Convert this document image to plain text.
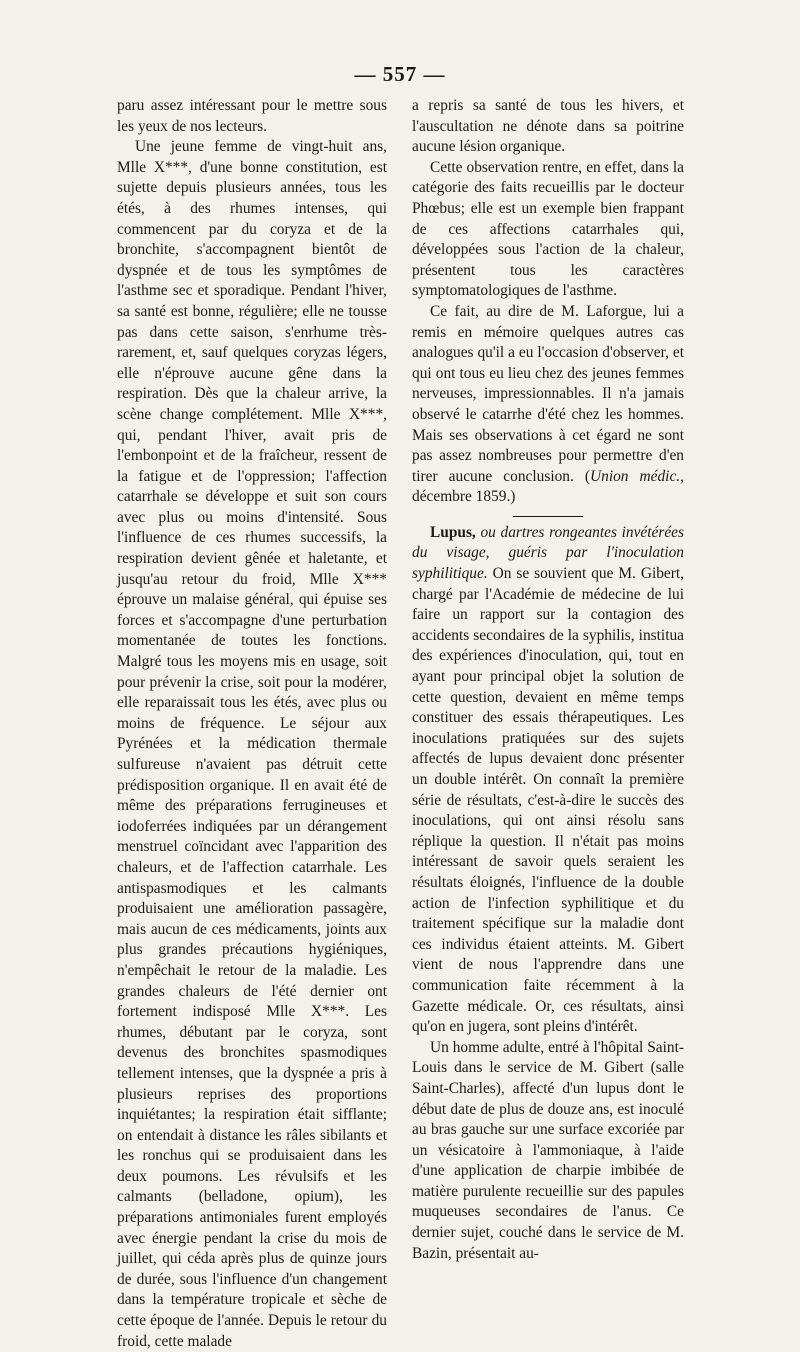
— 557 —

paru assez intéressant pour le mettre sous les yeux de nos lecteurs.

Une jeune femme de vingt-huit ans, Mlle X***, d'une bonne constitution, est sujette depuis plusieurs années, tous les étés, à des rhumes intenses, qui commencent par du coryza et de la bronchite, s'accompagnent bientôt de dyspnée et de tous les symptômes de l'asthme sec et sporadique. Pendant l'hiver, sa santé est bonne, régulière; elle ne tousse pas dans cette saison, s'enrhume très-rarement, et, sauf quelques coryzas légers, elle n'éprouve aucune gêne dans la respiration. Dès que la chaleur arrive, la scène change complétement. Mlle X***, qui, pendant l'hiver, avait pris de l'embonpoint et de la fraîcheur, ressent de la fatigue et de l'oppression; l'affection catarrhale se développe et suit son cours avec plus ou moins d'intensité. Sous l'influence de ces rhumes successifs, la respiration devient gênée et haletante, et jusqu'au retour du froid, Mlle X*** éprouve un malaise général, qui épuise ses forces et s'accompagne d'une perturbation momentanée de toutes les fonctions. Malgré tous les moyens mis en usage, soit pour prévenir la crise, soit pour la modérer, elle reparaissait tous les étés, avec plus ou moins de fréquence. Le séjour aux Pyrénées et la médication thermale sulfureuse n'avaient pas détruit cette prédisposition organique. Il en avait été de même des préparations ferrugineuses et iodoferrées indiquées par un dérangement menstruel coïncidant avec l'apparition des chaleurs, et de l'affection catarrhale. Les antispasmodiques et les calmants produisaient une amélioration passagère, mais aucun de ces médicaments, joints aux plus grandes précautions hygiéniques, n'empêchait le retour de la maladie. Les grandes chaleurs de l'été dernier ont fortement indisposé Mlle X***. Les rhumes, débutant par le coryza, sont devenus des bronchites spasmodiques tellement intenses, que la dyspnée a pris à plusieurs reprises des proportions inquiétantes; la respiration était sifflante; on entendait à distance les râles sibilants et les ronchus qui se produisaient dans les deux poumons. Les révulsifs et les calmants (belladone, opium), les préparations antimoniales furent employés avec énergie pendant la crise du mois de juillet, qui céda après plus de quinze jours de durée, sous l'influence d'un changement dans la température tropicale et sèche de cette époque de l'année. Depuis le retour du froid, cette malade

a repris sa santé de tous les hivers, et l'auscultation ne dénote dans sa poitrine aucune lésion organique.

Cette observation rentre, en effet, dans la catégorie des faits recueillis par le docteur Phœbus; elle est un exemple bien frappant de ces affections catarrhales qui, développées sous l'action de la chaleur, présentent tous les caractères symptomatologiques de l'asthme.

Ce fait, au dire de M. Laforgue, lui a remis en mémoire quelques autres cas analogues qu'il a eu l'occasion d'observer, et qui ont tous eu lieu chez des jeunes femmes nerveuses, impressionnables. Il n'a jamais observé le catarrhe d'été chez les hommes. Mais ses observations à cet égard ne sont pas assez nombreuses pour permettre d'en tirer aucune conclusion. (Union médic., décembre 1859.)

Lupus, ou dartres rongeantes invétérées du visage, guéris par l'inoculation syphilitique. On se souvient que M. Gibert, chargé par l'Académie de médecine de lui faire un rapport sur la contagion des accidents secondaires de la syphilis, institua des expériences d'inoculation, qui, tout en ayant pour principal objet la solution de cette question, devaient en même temps constituer des essais thérapeutiques. Les inoculations pratiquées sur des sujets affectés de lupus devaient donc présenter un double intérêt. On connaît la première série de résultats, c'est-à-dire le succès des inoculations, qui ont ainsi résolu sans réplique la question. Il n'était pas moins intéressant de savoir quels seraient les résultats éloignés, l'influence de la double action de l'infection syphilitique et du traitement spécifique sur la maladie dont ces individus étaient atteints. M. Gibert vient de nous l'apprendre dans une communication faite récemment à la Gazette médicale. Or, ces résultats, ainsi qu'on en jugera, sont pleins d'intérêt.

Un homme adulte, entré à l'hôpital Saint-Louis dans le service de M. Gibert (salle Saint-Charles), affecté d'un lupus dont le début date de plus de douze ans, est inoculé au bras gauche sur une surface excoriée par un vésicatoire à l'ammoniaque, à l'aide d'une application de charpie imbibée de matière purulente recueillie sur des papules muqueuses secondaires de l'anus. Ce dernier sujet, couché dans le service de M. Bazin, présentait au-
